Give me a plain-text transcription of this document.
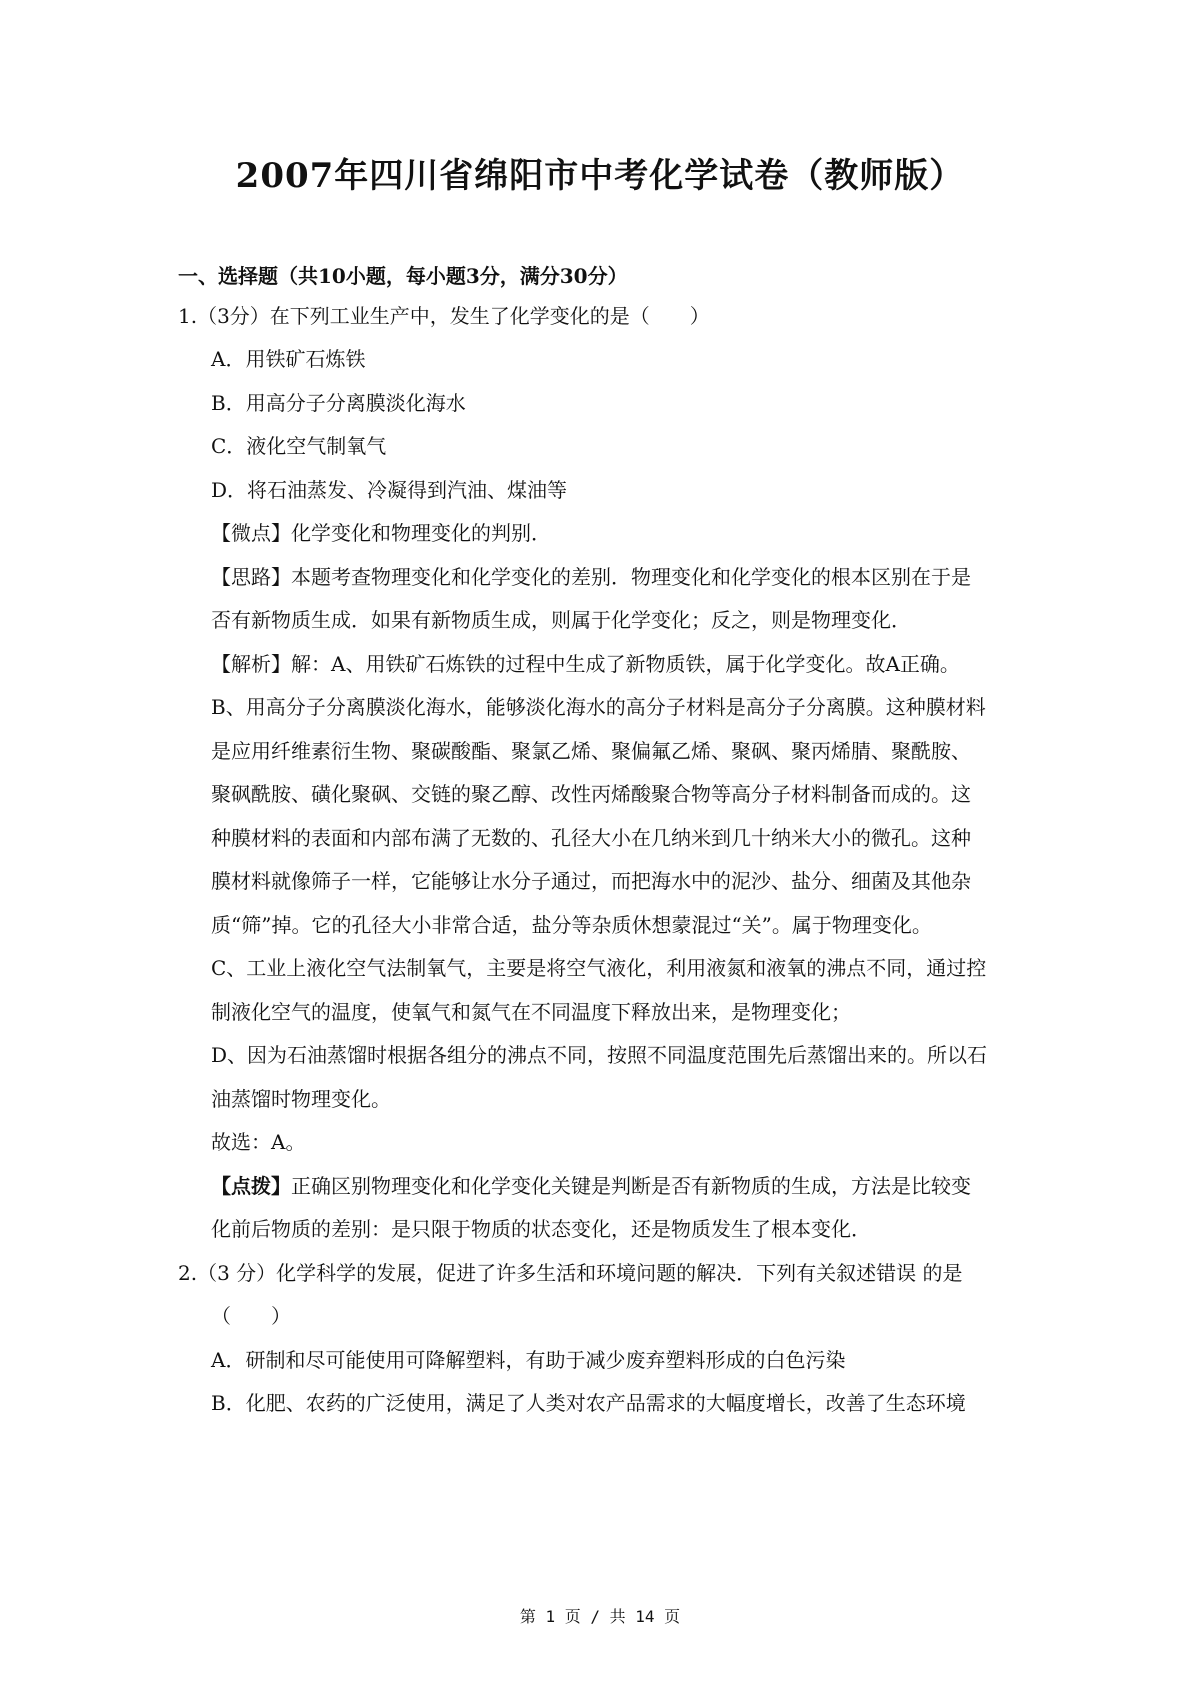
2007年四川省绵阳市中考化学试卷（教师版）

一、选择题（共10小题，每小题3分，满分30分）

1.（3分）在下列工业生产中，发生了化学变化的是（　　）

A．用铁矿石炼铁

B．用高分子分离膜淡化海水

C．液化空气制氧气

D．将石油蒸发、冷凝得到汽油、煤油等

【微点】化学变化和物理变化的判别．

【思路】本题考查物理变化和化学变化的差别．物理变化和化学变化的根本区别在于是

否有新物质生成．如果有新物质生成，则属于化学变化；反之，则是物理变化．

【解析】解：A、用铁矿石炼铁的过程中生成了新物质铁，属于化学变化。故A正确。

B、用高分子分离膜淡化海水，能够淡化海水的高分子材料是高分子分离膜。这种膜材料

是应用纤维素衍生物、聚碳酸酯、聚氯乙烯、聚偏氟乙烯、聚砜、聚丙烯腈、聚酰胺、

聚砜酰胺、磺化聚砜、交链的聚乙醇、改性丙烯酸聚合物等高分子材料制备而成的。这

种膜材料的表面和内部布满了无数的、孔径大小在几纳米到几十纳米大小的微孔。这种

膜材料就像筛子一样，它能够让水分子通过，而把海水中的泥沙、盐分、细菌及其他杂

质“筛”掉。它的孔径大小非常合适，盐分等杂质休想蒙混过“关”。属于物理变化。

C、工业上液化空气法制氧气，主要是将空气液化，利用液氮和液氧的沸点不同，通过控

制液化空气的温度，使氧气和氮气在不同温度下释放出来，是物理变化；

D、因为石油蒸馏时根据各组分的沸点不同，按照不同温度范围先后蒸馏出来的。所以石

油蒸馏时物理变化。

故选：A。

【点拨】正确区别物理变化和化学变化关键是判断是否有新物质的生成，方法是比较变

化前后物质的差别：是只限于物质的状态变化，还是物质发生了根本变化．

2.（3 分）化学科学的发展，促进了许多生活和环境问题的解决．下列有关叙述错误 的是

（　　）

A．研制和尽可能使用可降解塑料，有助于减少废弃塑料形成的白色污染

B．化肥、农药的广泛使用，满足了人类对农产品需求的大幅度增长，改善了生态环境

第 1 页 / 共 14 页
